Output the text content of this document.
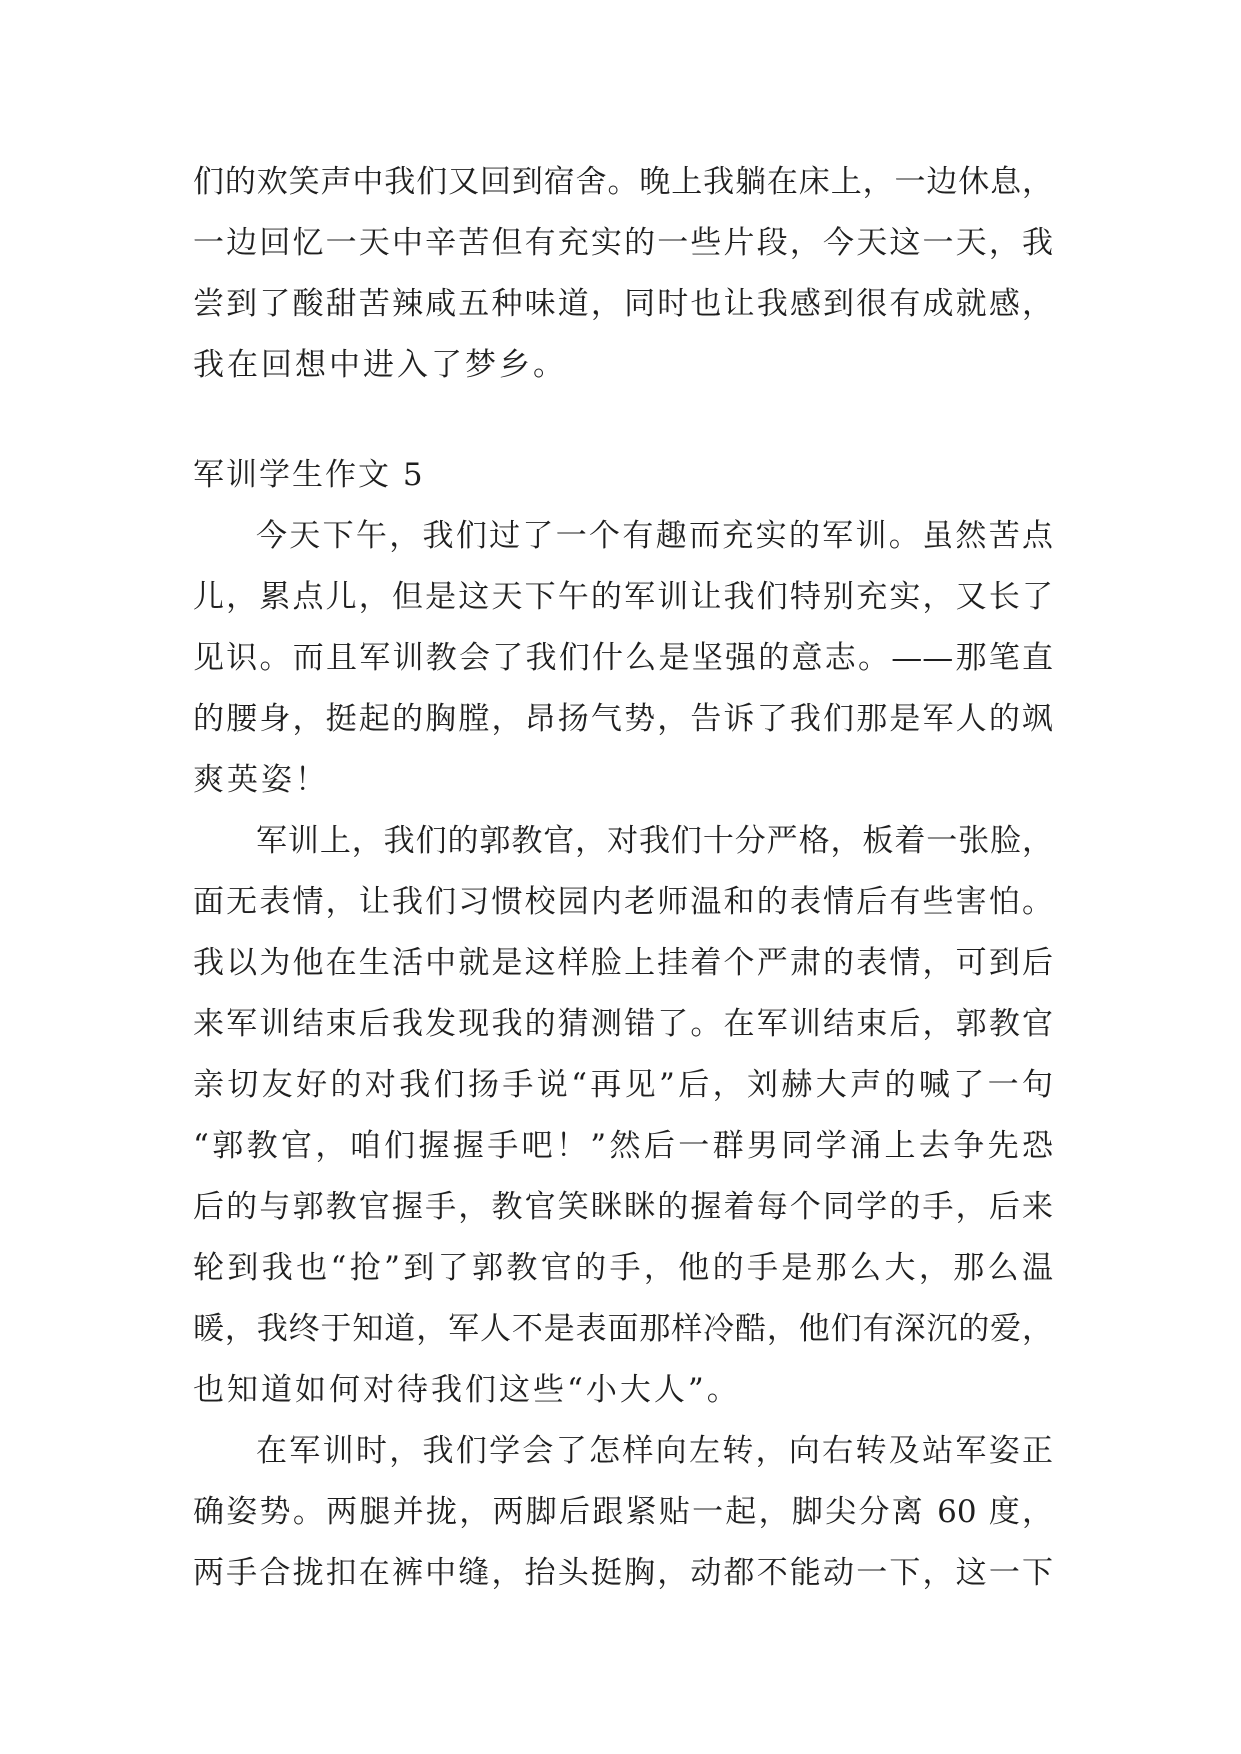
们的欢笑声中我们又回到宿舍。晚上我躺在床上，一边休息，
一边回忆一天中辛苦但有充实的一些片段，今天这一天，我
尝到了酸甜苦辣咸五种味道，同时也让我感到很有成就感，
我在回想中进入了梦乡。
军训学生作文 5
今天下午，我们过了一个有趣而充实的军训。虽然苦点
儿，累点儿，但是这天下午的军训让我们特别充实，又长了
见识。而且军训教会了我们什么是坚强的意志。——那笔直
的腰身，挺起的胸膛，昂扬气势，告诉了我们那是军人的飒
爽英姿！
军训上，我们的郭教官，对我们十分严格，板着一张脸，
面无表情，让我们习惯校园内老师温和的表情后有些害怕。
我以为他在生活中就是这样脸上挂着个严肃的表情，可到后
来军训结束后我发现我的猜测错了。在军训结束后，郭教官
亲切友好的对我们扬手说“再见”后，刘赫大声的喊了一句
“郭教官，咱们握握手吧！”然后一群男同学涌上去争先恐
后的与郭教官握手，教官笑眯眯的握着每个同学的手，后来
轮到我也“抢”到了郭教官的手，他的手是那么大，那么温
暖，我终于知道，军人不是表面那样冷酷，他们有深沉的爱，
也知道如何对待我们这些“小大人”。
在军训时，我们学会了怎样向左转，向右转及站军姿正
确姿势。两腿并拢，两脚后跟紧贴一起，脚尖分离 60 度，
两手合拢扣在裤中缝，抬头挺胸，动都不能动一下，这一下
